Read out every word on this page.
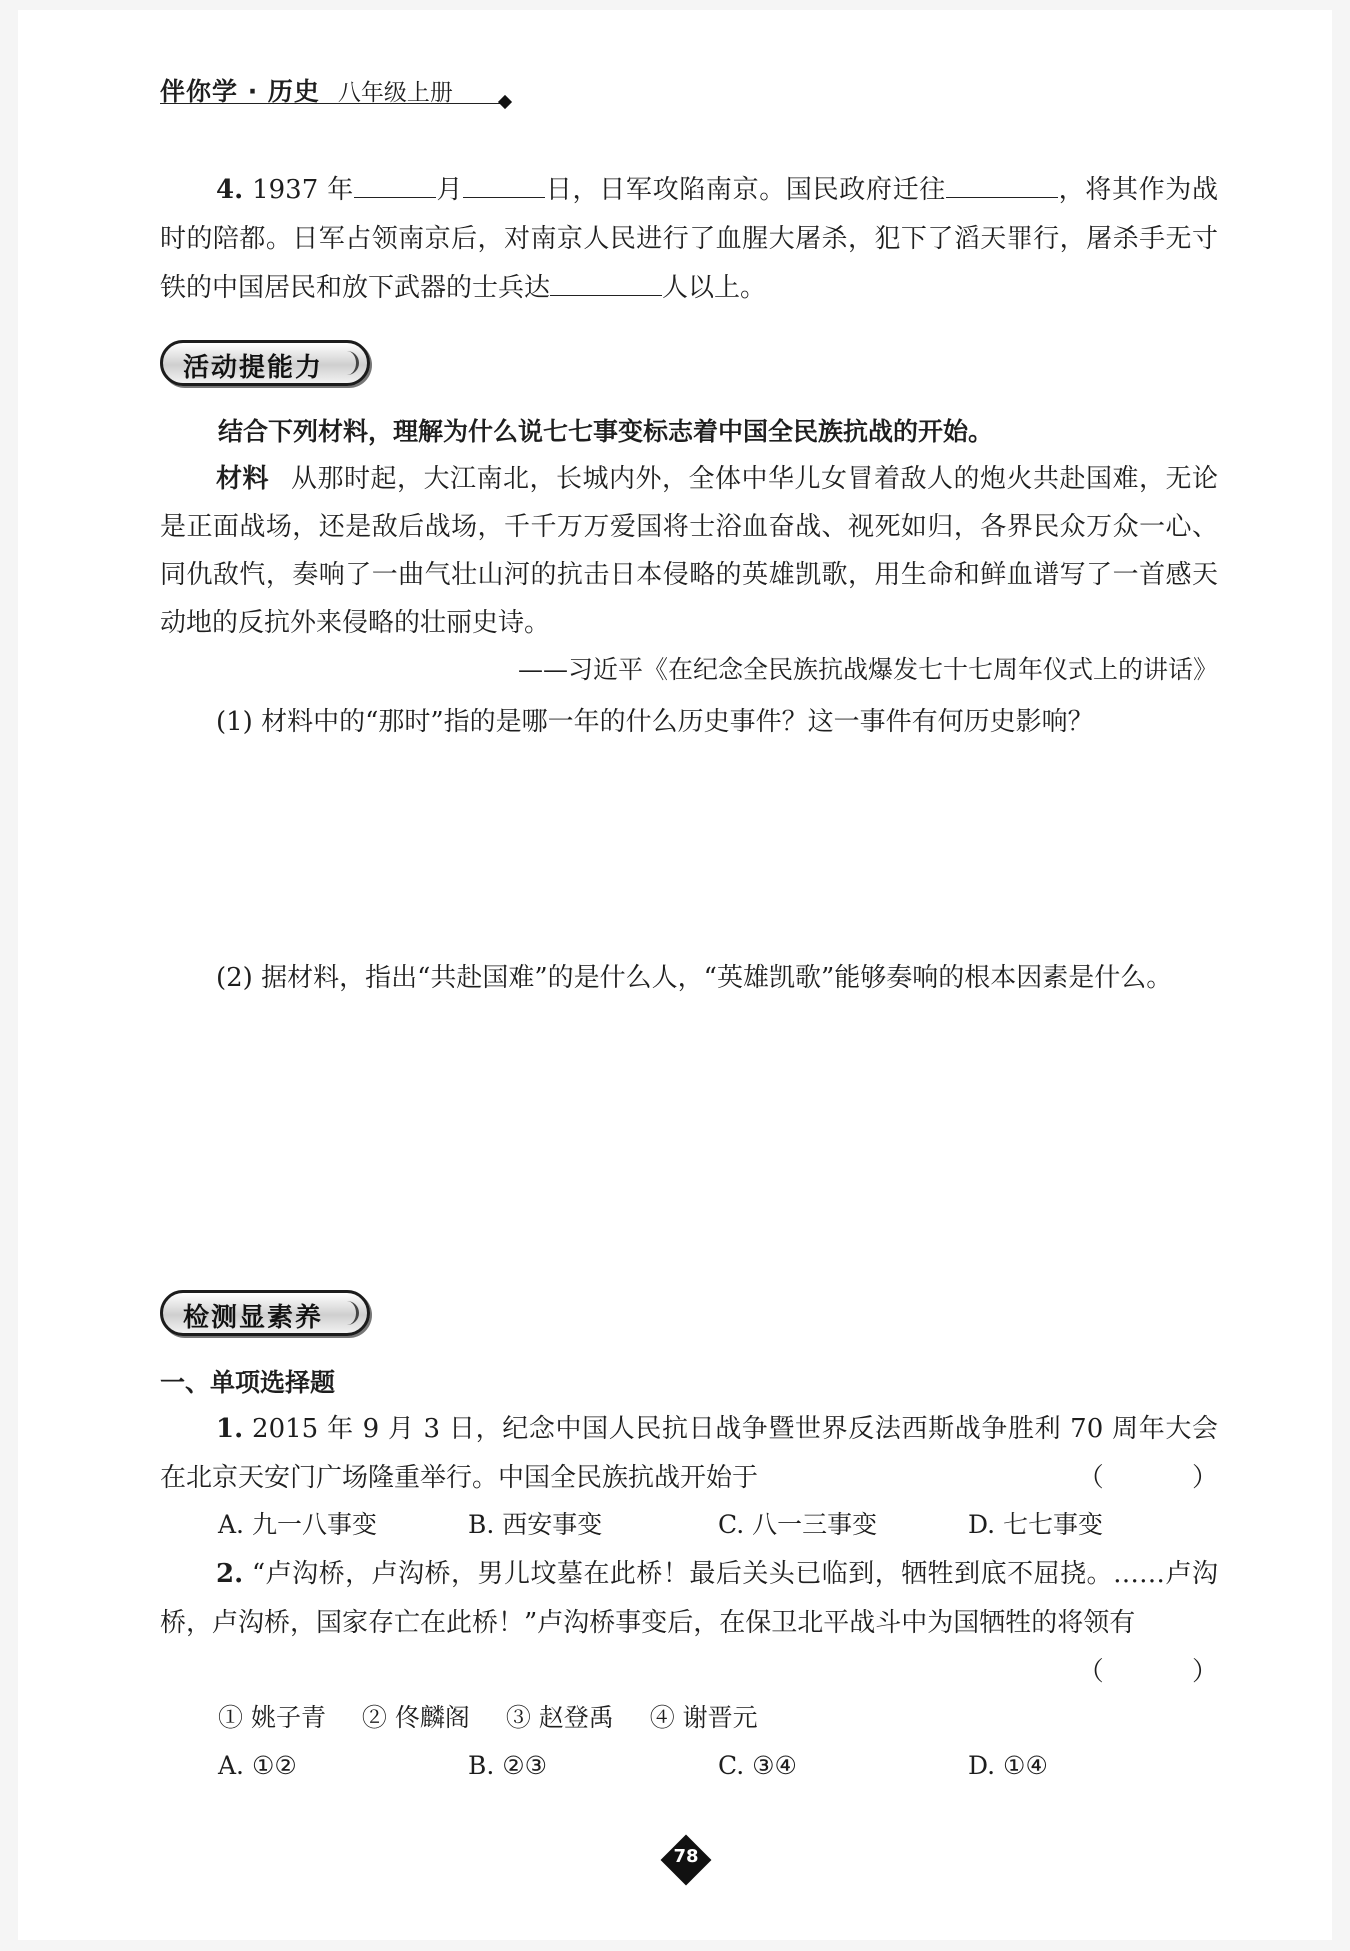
伴你学 · 历史 八年级上册
4. 1937 年	月	日，日军攻陷南京。国民政府迁往	，将其作为战时的陪都。日军占领南京后，对南京人民进行了血腥大屠杀，犯下了滔天罪行，屠杀手无寸铁的中国居民和放下武器的士兵达	人以上。
活动提能力
结合下列材料，理解为什么说七七事变标志着中国全民族抗战的开始。
材料 从那时起，大江南北，长城内外，全体中华儿女冒着敌人的炮火共赴国难，无论是正面战场，还是敌后战场，千千万万爱国将士浴血奋战、视死如归，各界民众万众一心、同仇敌忾，奏响了一曲气壮山河的抗击日本侵略的英雄凯歌，用生命和鲜血谱写了一首感天动地的反抗外来侵略的壮丽史诗。
——习近平《在纪念全民族抗战爆发七十七周年仪式上的讲话》
(1) 材料中的“那时”指的是哪一年的什么历史事件？这一事件有何历史影响？
(2) 据材料，指出“共赴国难”的是什么人，“英雄凯歌”能够奏响的根本因素是什么。
检测显素养
一、单项选择题
1. 2015 年 9 月 3 日，纪念中国人民抗日战争暨世界反法西斯战争胜利 70 周年大会在北京天安门广场隆重举行。中国全民族抗战开始于	（ ）
A. 九一八事变	B. 西安事变	C. 八一三事变	D. 七七事变
2. “卢沟桥，卢沟桥，男儿坟墓在此桥！最后关头已临到，牺牲到底不屈挠。……卢沟桥，卢沟桥，国家存亡在此桥！”卢沟桥事变后，在保卫北平战斗中为国牺牲的将领有
（ ）
① 姚子青 ② 佟麟阁 ③ 赵登禹 ④ 谢晋元
A. ①②	B. ②③	C. ③④	D. ①④
78
